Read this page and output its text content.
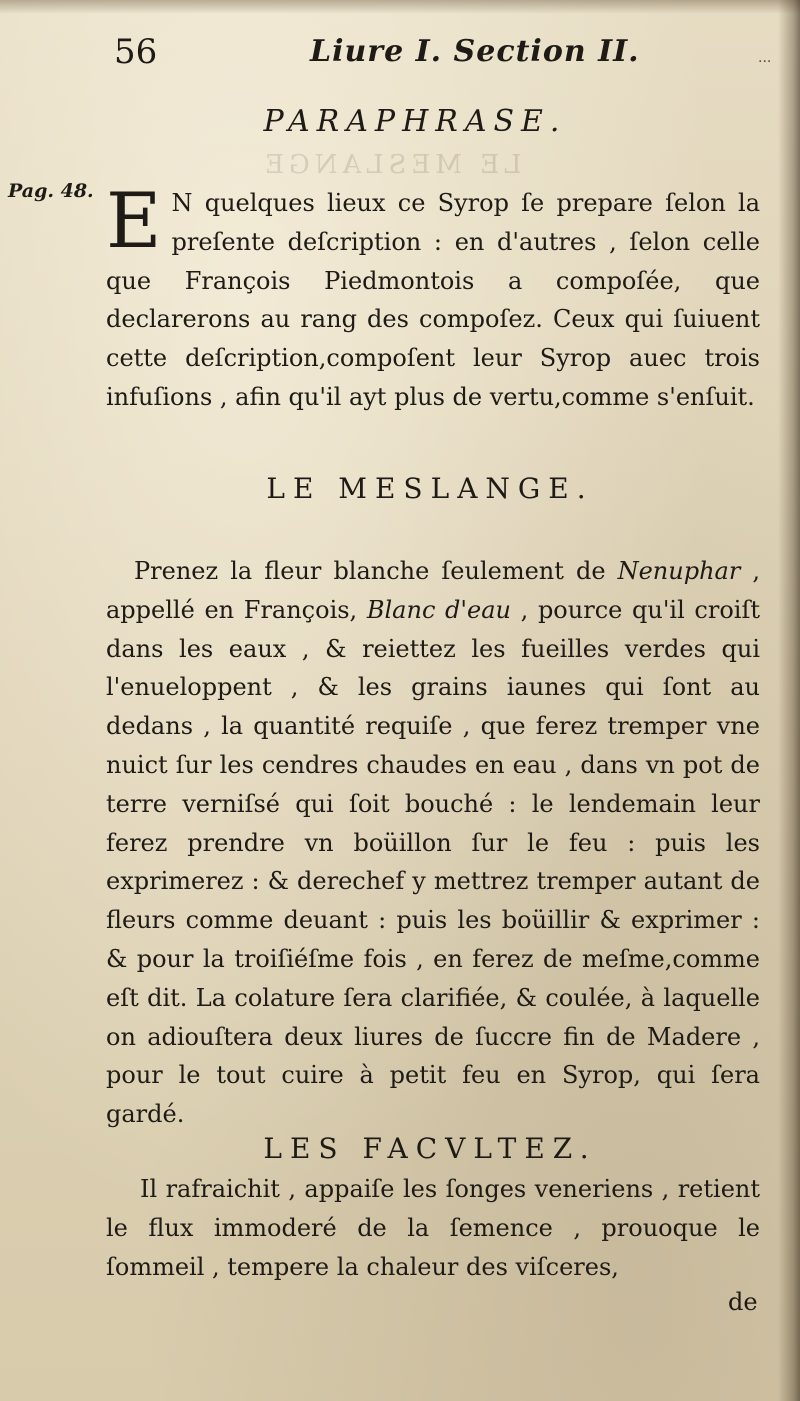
LE MESLANGE
56	Liure I. Section II.	...
PARAPHRASE.
Pag. 48. E N quelques lieux ce Syrop ſe prepare ſelon la preſente deſcription : en d'autres , ſelon celle que François Piedmontois a compoſée, que declarerons au rang des compoſez. Ceux qui ſuiuent cette deſcription,compoſent leur Syrop auec trois infuſions , afin qu'il ayt plus de vertu,comme s'enſuit.
LE MESLANGE.
Prenez la fleur blanche ſeulement de Nenuphar , appellé en François, Blanc d'eau , pource qu'il croiſt dans les eaux , & reiettez les fueilles verdes qui l'enueloppent , & les grains iaunes qui ſont au dedans , la quantité requiſe , que ferez tremper vne nuict ſur les cendres chaudes en eau , dans vn pot de terre verniſsé qui ſoit bouché : le lendemain leur ferez prendre vn boüillon ſur le feu : puis les exprimerez : & derechef y mettrez tremper autant de fleurs comme deuant : puis les boüillir & exprimer : & pour la troiſiéſme fois , en ferez de meſme,comme eſt dit. La colature ſera clarifiée, & coulée, à laquelle on adiouſtera deux liures de ſuccre fin de Madere , pour le tout cuire à petit feu en Syrop, qui ſera gardé.
LES FACVLTEZ.
Il rafraichit , appaiſe les ſonges veneriens , retient le flux immoderé de la ſemence , prouoque le ſommeil , tempere la chaleur des viſceres,
de
